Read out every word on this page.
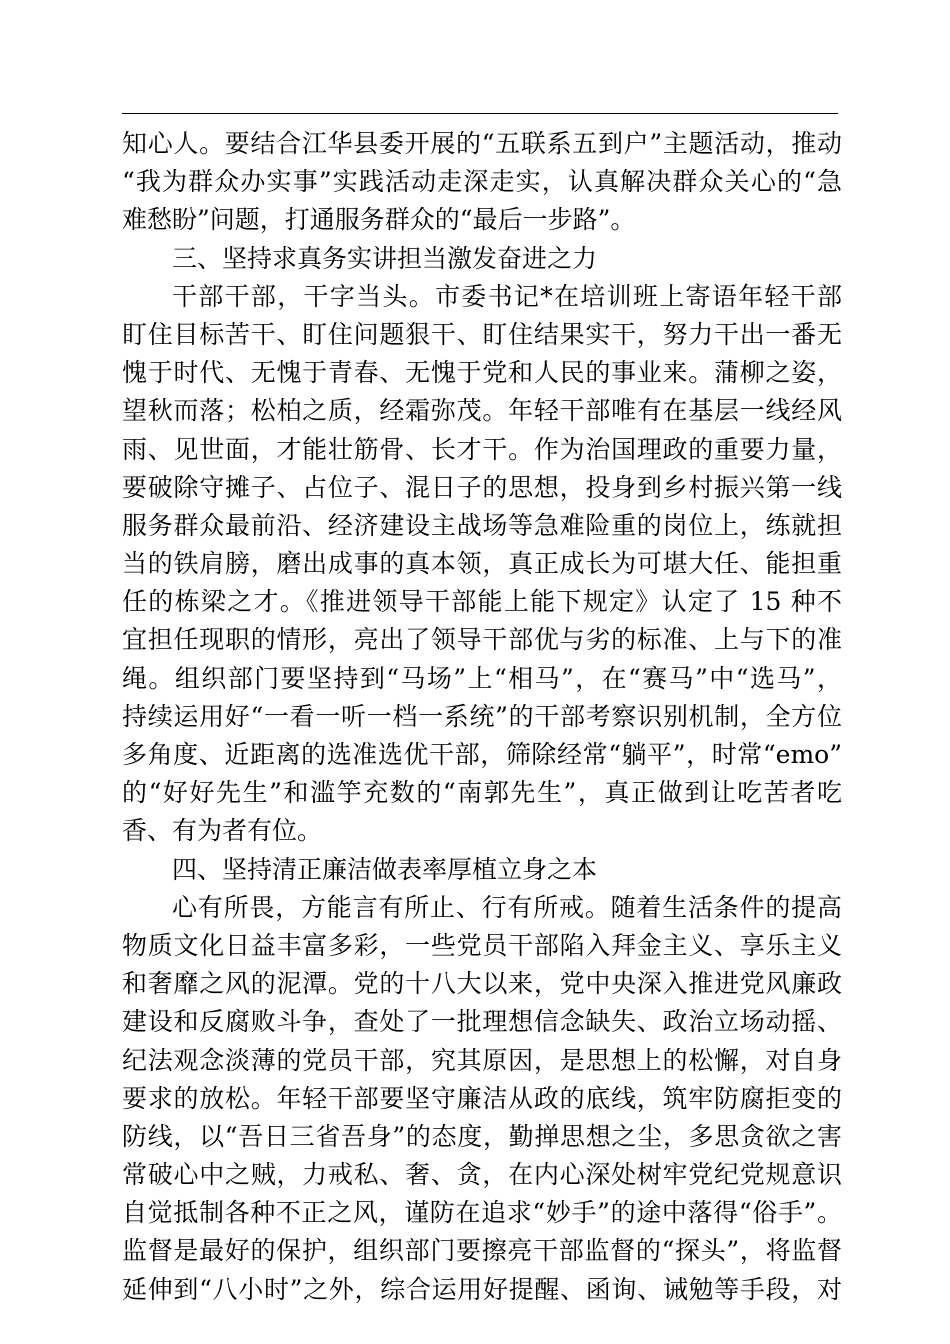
知心人。要结合江华县委开展的“五联系五到户”主题活动，推动
“我为群众办实事”实践活动走深走实，认真解决群众关心的“急
难愁盼”问题，打通服务群众的“最后一步路”。
三、坚持求真务实讲担当激发奋进之力
干部干部，干字当头。市委书记*在培训班上寄语年轻干部
盯住目标苦干、盯住问题狠干、盯住结果实干，努力干出一番无
愧于时代、无愧于青春、无愧于党和人民的事业来。蒲柳之姿，
望秋而落；松柏之质，经霜弥茂。年轻干部唯有在基层一线经风
雨、见世面，才能壮筋骨、长才干。作为治国理政的重要力量，
要破除守摊子、占位子、混日子的思想，投身到乡村振兴第一线
服务群众最前沿、经济建设主战场等急难险重的岗位上，练就担
当的铁肩膀，磨出成事的真本领，真正成长为可堪大任、能担重
任的栋梁之才。《推进领导干部能上能下规定》认定了 15 种不
宜担任现职的情形，亮出了领导干部优与劣的标准、上与下的准
绳。组织部门要坚持到“马场”上“相马”，在“赛马”中“选马”，
持续运用好“一看一听一档一系统”的干部考察识别机制，全方位
多角度、近距离的选准选优干部，筛除经常“躺平”，时常“emo”
的“好好先生”和滥竽充数的“南郭先生”，真正做到让吃苦者吃
香、有为者有位。
四、坚持清正廉洁做表率厚植立身之本
心有所畏，方能言有所止、行有所戒。随着生活条件的提高
物质文化日益丰富多彩，一些党员干部陷入拜金主义、享乐主义
和奢靡之风的泥潭。党的十八大以来，党中央深入推进党风廉政
建设和反腐败斗争，查处了一批理想信念缺失、政治立场动摇、
纪法观念淡薄的党员干部，究其原因，是思想上的松懈，对自身
要求的放松。年轻干部要坚守廉洁从政的底线，筑牢防腐拒变的
防线，以“吾日三省吾身”的态度，勤掸思想之尘，多思贪欲之害
常破心中之贼，力戒私、奢、贪，在内心深处树牢党纪党规意识
自觉抵制各种不正之风，谨防在追求“妙手”的途中落得“俗手”。
监督是最好的保护，组织部门要擦亮干部监督的“探头”，将监督
延伸到“八小时”之外，综合运用好提醒、函询、诫勉等手段，对
